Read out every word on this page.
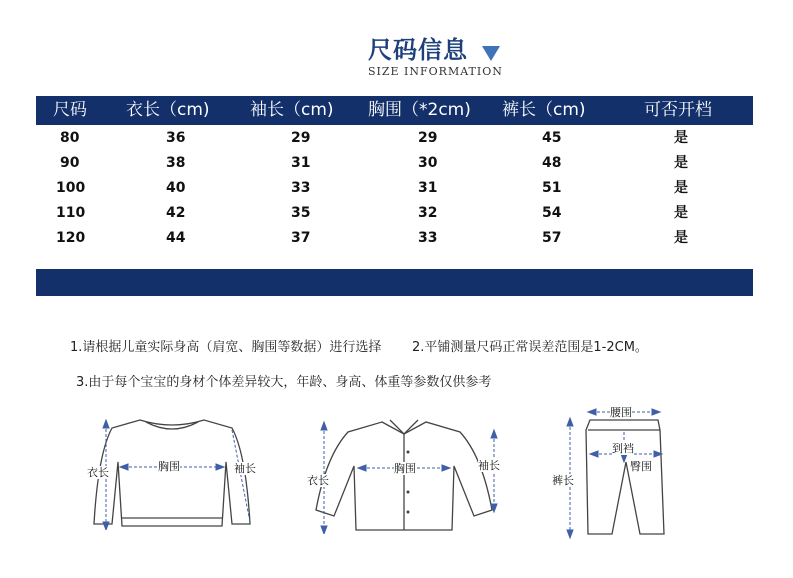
尺码信息
SIZE INFORMATION
尺码 衣长（cm) 袖长（cm) 胸围（*2cm) 裤长（cm)	可否开档
80	36	29	29	45	是
90	38	31	30	48	是
100	40	33	31	51	是
110	42	35	32	54	是
120	44	37	33	57	是
1.请根据儿童实际身高（肩宽、胸围等数据）进行选择 2.平铺测量尺码正常误差范围是1-2CM。
3.由于每个宝宝的身材个体差异较大，年龄、身高、体重等参数仅供参考
衣长	胸围	袖长
衣长
胸围	袖长
腰围
到裆
臀围
裤长
